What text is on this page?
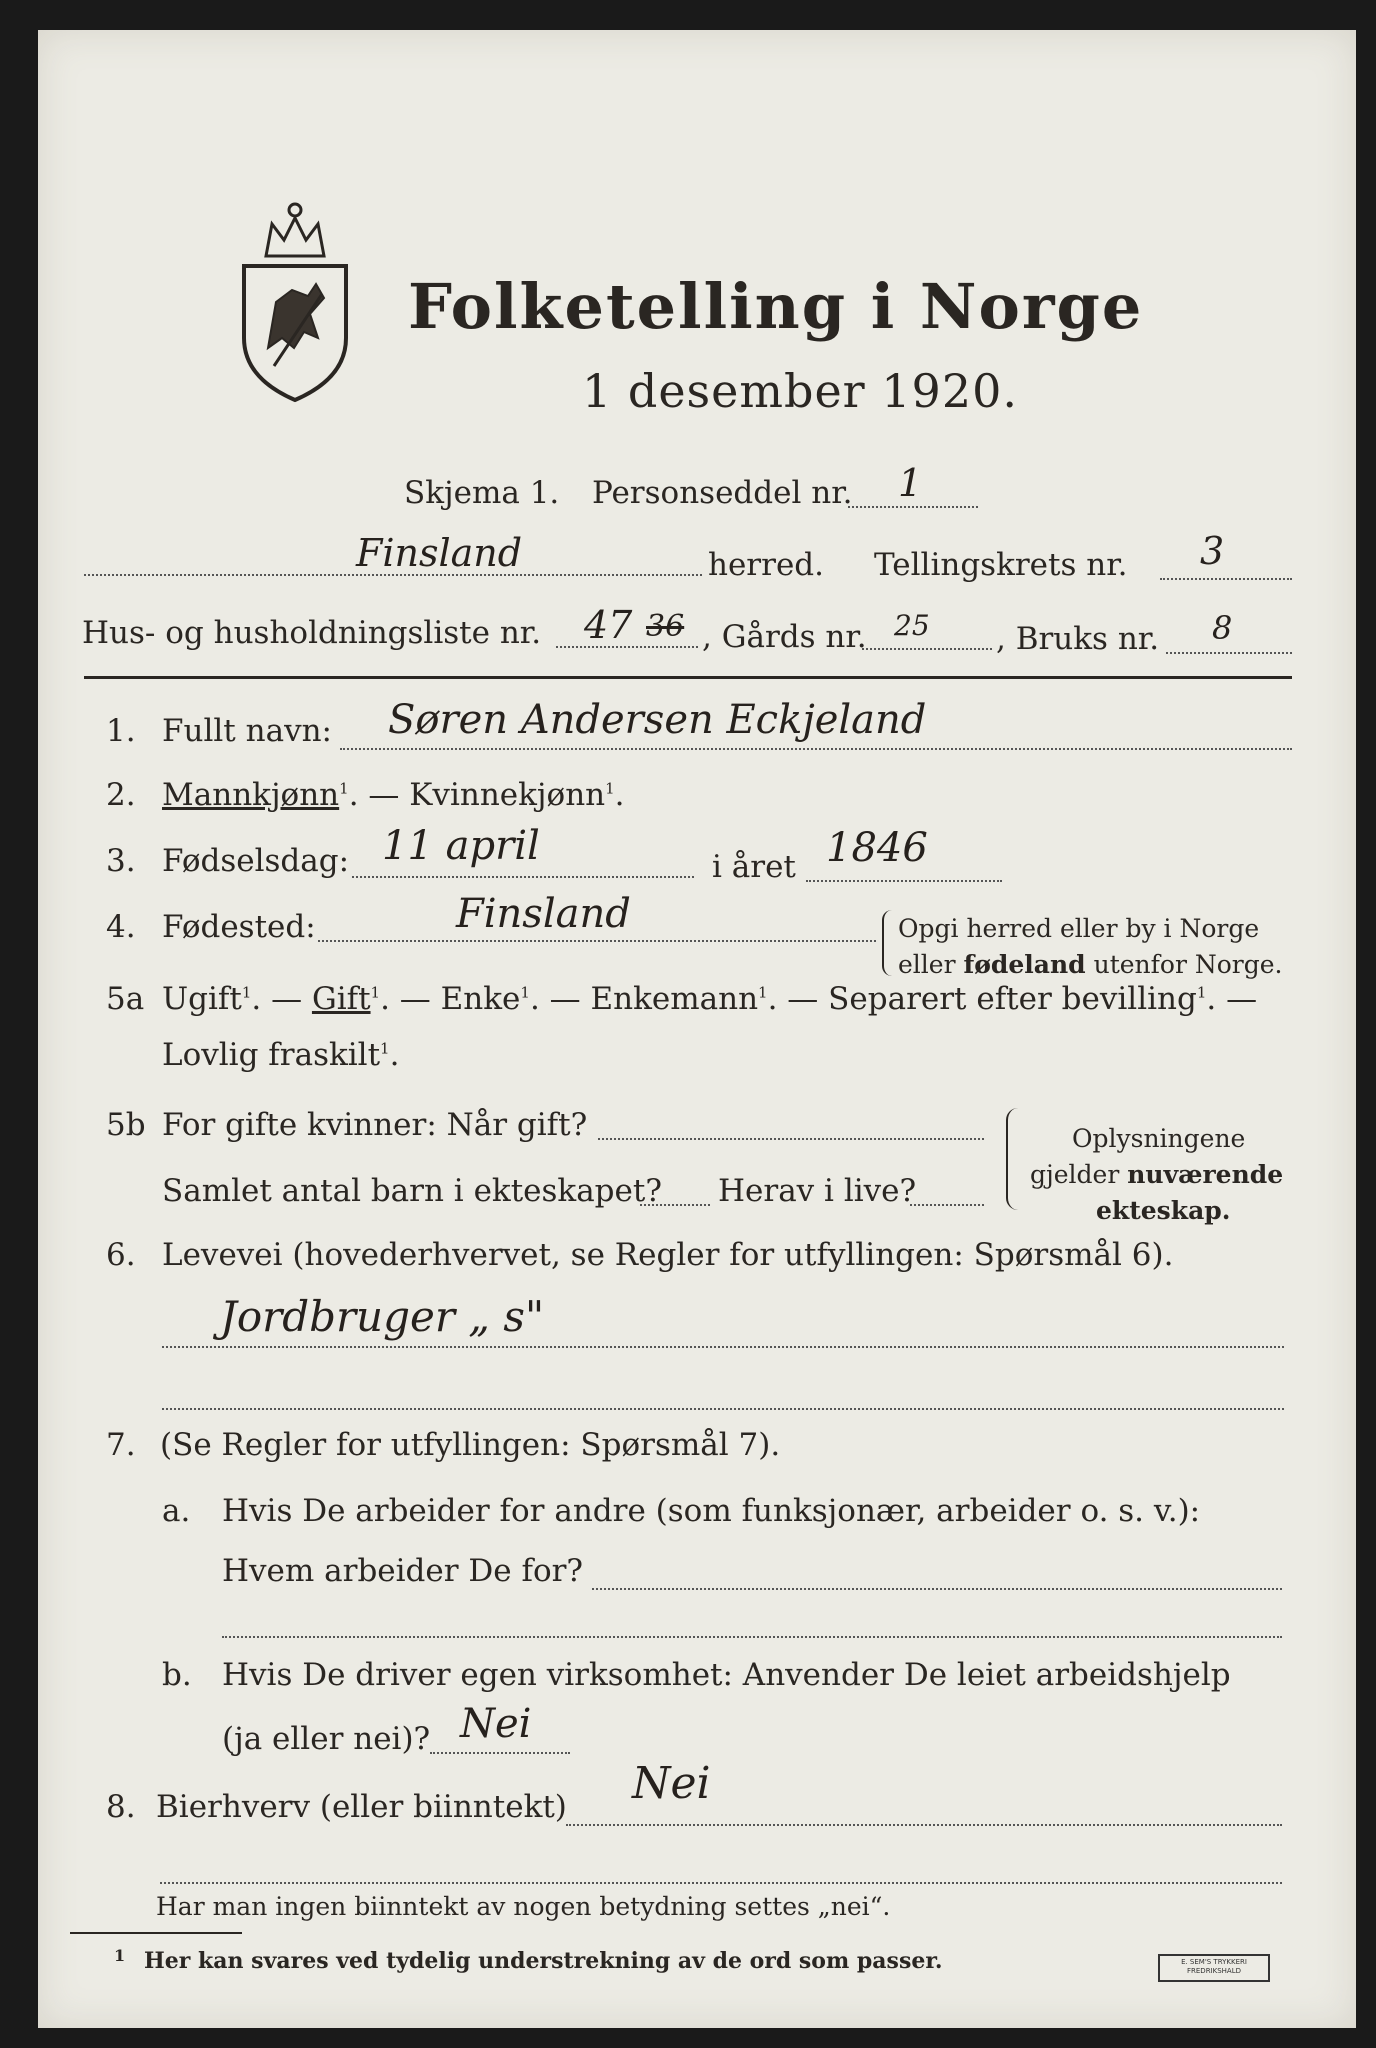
Folketelling i Norge
1 desember 1920.
Skjema 1. Personseddel nr. 1
Finsland	herred. Tellingskrets nr. 3
Hus- og husholdningsliste nr. 47 36 , Gårds nr. 25 , Bruks nr. 8
1. Fullt navn: Søren Andersen Eckjeland
2. Mannkjønn$^1$. — Kvinnekjønn$^1$.
3. Fødselsdag: 11 april	i året 1846
4. Fødested:	Finsland	Opgi herred eller by i Norge
eller fødeland utenfor Norge.
5a Ugift$^1$. — Gift$^1$. — Enke$^1$. — Enkemann$^1$. — Separert efter bevilling$^1$. —
Lovlig fraskilt$^1$.
5b For gifte kvinner: Når gift?
Samlet antal barn i ekteskapet? Herav i live?
Oplysningene
gjelder nuværende
ekteskap.
6. Levevei (hovederhvervet, se Regler for utfyllingen: Spørsmål 6).
Jordbruger „ s"
7. (Se Regler for utfyllingen: Spørsmål 7).
a. Hvis De arbeider for andre (som funksjonær, arbeider o. s. v.):
Hvem arbeider De for?
b. Hvis De driver egen virksomhet: Anvender De leiet arbeidshjelp
(ja eller nei)? Nei
8. Bierhverv (eller biinntekt) Nei
Har man ingen biinntekt av nogen betydning settes „nei“.
1 Her kan svares ved tydelig understrekning av de ord som passer.	E. SEM'S TRYKKERI
FREDRIKSHALD
